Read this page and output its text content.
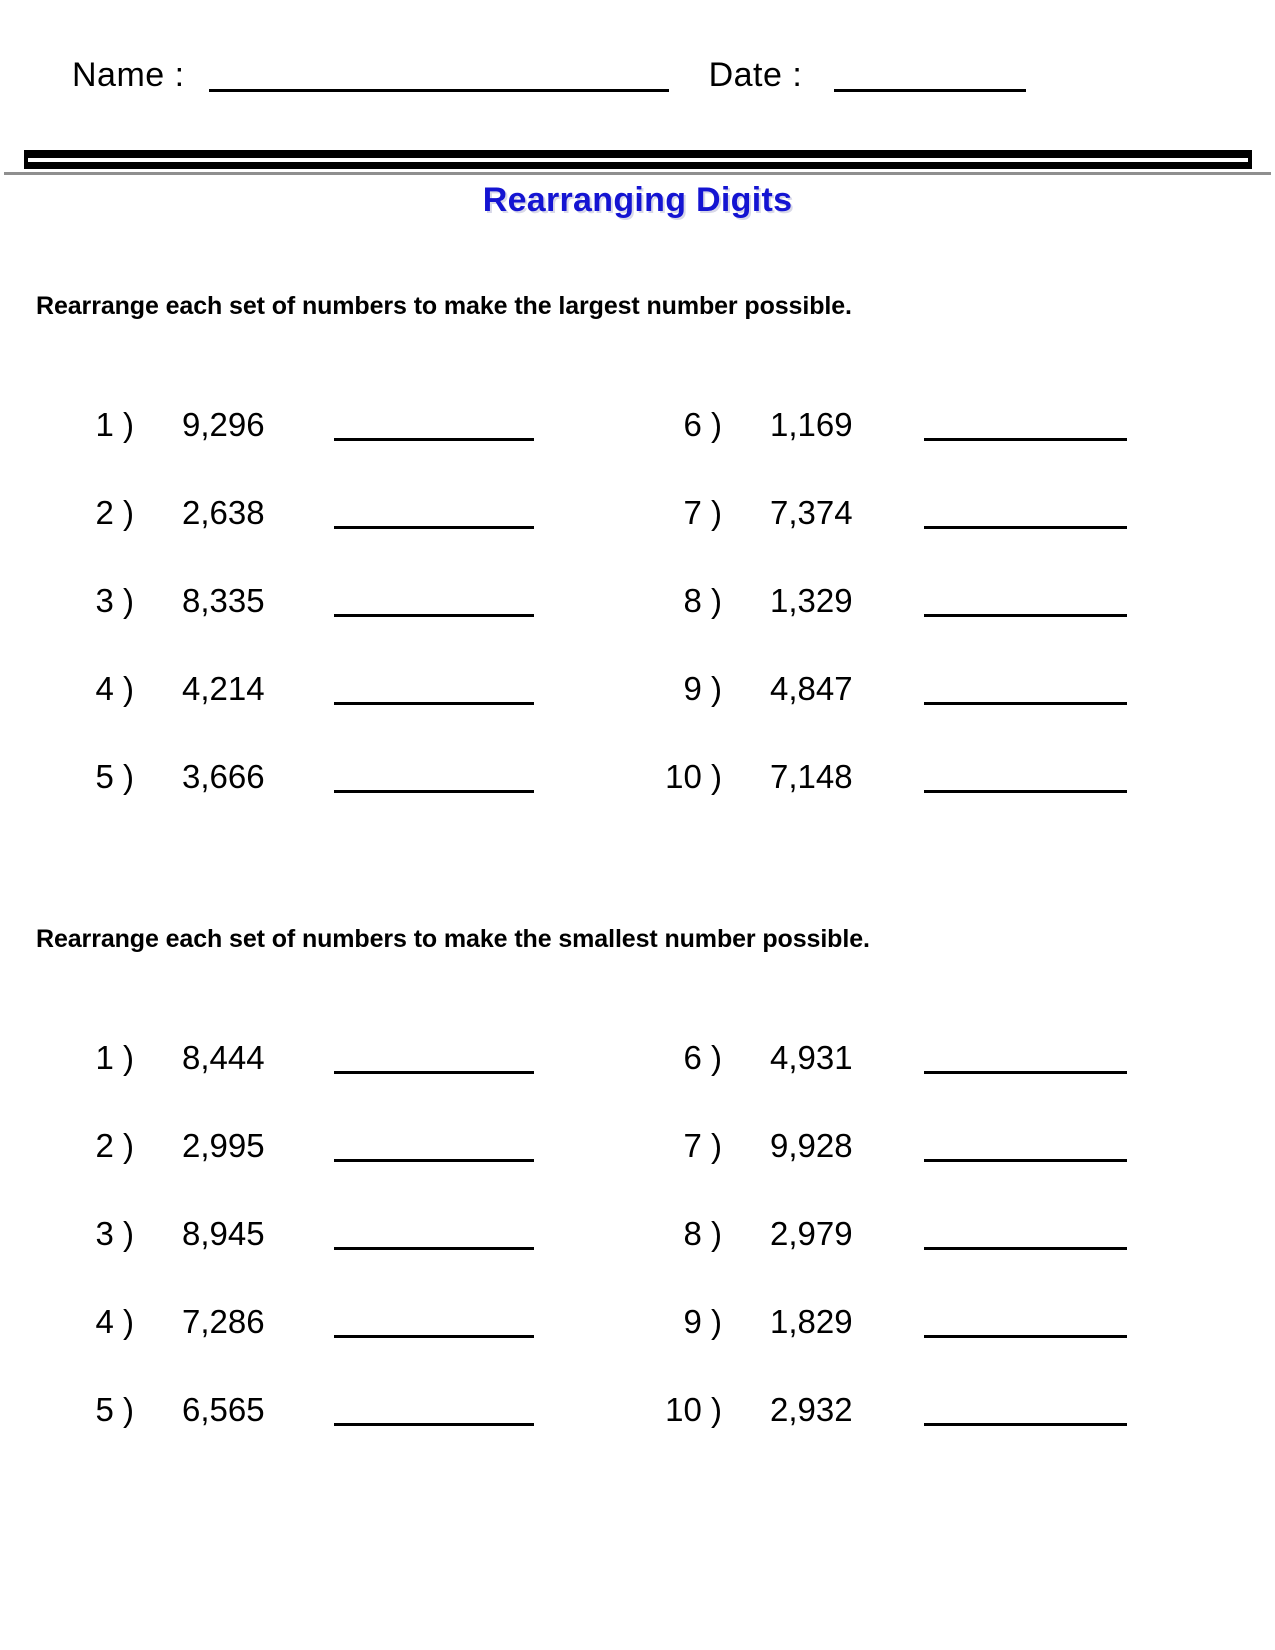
Name :	Date :
Rearranging Digits
Rearrange each set of numbers to make the largest number possible.
1 )	9,296	6 )	1,169
2 )	2,638	7 )	7,374
3 )	8,335	8 )	1,329
4 )	4,214	9 )	4,847
5 )	3,666	10 )	7,148
Rearrange each set of numbers to make the smallest number possible.
1 )	8,444	6 )	4,931
2 )	2,995	7 )	9,928
3 )	8,945	8 )	2,979
4 )	7,286	9 )	1,829
5 )	6,565	10 )	2,932
